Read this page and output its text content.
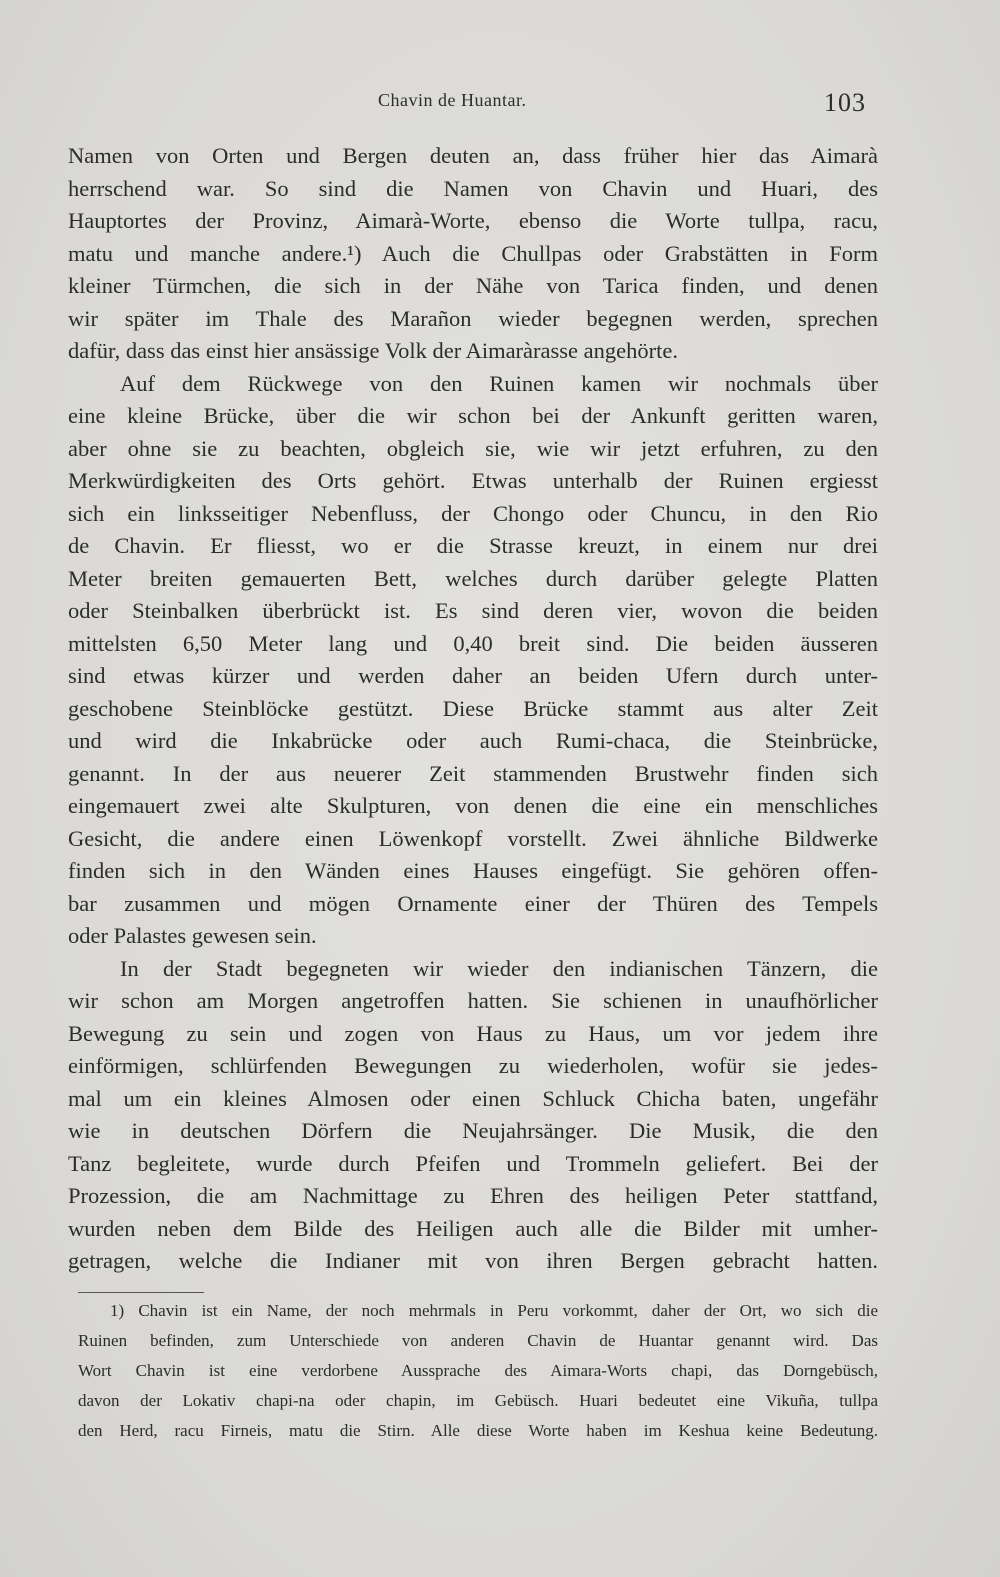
Chavin de Huantar.	103
Namen von Orten und Bergen deuten an, dass früher hier das Aimarà
herrschend war. So sind die Namen von Chavin und Huari, des
Hauptortes der Provinz, Aimarà-Worte, ebenso die Worte tullpa, racu,
matu und manche andere.¹) Auch die Chullpas oder Grabstätten in Form
kleiner Türmchen, die sich in der Nähe von Tarica finden, und denen
wir später im Thale des Marañon wieder begegnen werden, sprechen
dafür, dass das einst hier ansässige Volk der Aimaràrasse angehörte.
Auf dem Rückwege von den Ruinen kamen wir nochmals über
eine kleine Brücke, über die wir schon bei der Ankunft geritten waren,
aber ohne sie zu beachten, obgleich sie, wie wir jetzt erfuhren, zu den
Merkwürdigkeiten des Orts gehört. Etwas unterhalb der Ruinen ergiesst
sich ein linksseitiger Nebenfluss, der Chongo oder Chuncu, in den Rio
de Chavin. Er fliesst, wo er die Strasse kreuzt, in einem nur drei
Meter breiten gemauerten Bett, welches durch darüber gelegte Platten
oder Steinbalken überbrückt ist. Es sind deren vier, wovon die beiden
mittelsten 6,50 Meter lang und 0,40 breit sind. Die beiden äusseren
sind etwas kürzer und werden daher an beiden Ufern durch unter-
geschobene Steinblöcke gestützt. Diese Brücke stammt aus alter Zeit
und wird die Inkabrücke oder auch Rumi-chaca, die Steinbrücke,
genannt. In der aus neuerer Zeit stammenden Brustwehr finden sich
eingemauert zwei alte Skulpturen, von denen die eine ein menschliches
Gesicht, die andere einen Löwenkopf vorstellt. Zwei ähnliche Bildwerke
finden sich in den Wänden eines Hauses eingefügt. Sie gehören offen-
bar zusammen und mögen Ornamente einer der Thüren des Tempels
oder Palastes gewesen sein.
In der Stadt begegneten wir wieder den indianischen Tänzern, die
wir schon am Morgen angetroffen hatten. Sie schienen in unaufhörlicher
Bewegung zu sein und zogen von Haus zu Haus, um vor jedem ihre
einförmigen, schlürfenden Bewegungen zu wiederholen, wofür sie jedes-
mal um ein kleines Almosen oder einen Schluck Chicha baten, ungefähr
wie in deutschen Dörfern die Neujahrsänger. Die Musik, die den
Tanz begleitete, wurde durch Pfeifen und Trommeln geliefert. Bei der
Prozession, die am Nachmittage zu Ehren des heiligen Peter stattfand,
wurden neben dem Bilde des Heiligen auch alle die Bilder mit umher-
getragen, welche die Indianer mit von ihren Bergen gebracht hatten.
1) Chavin ist ein Name, der noch mehrmals in Peru vorkommt, daher der Ort, wo sich die
Ruinen befinden, zum Unterschiede von anderen Chavin de Huantar genannt wird. Das
Wort Chavin ist eine verdorbene Aussprache des Aimara-Worts chapi, das Dorngebüsch,
davon der Lokativ chapi-na oder chapin, im Gebüsch. Huari bedeutet eine Vikuña, tullpa
den Herd, racu Firneis, matu die Stirn. Alle diese Worte haben im Keshua keine Bedeutung.
